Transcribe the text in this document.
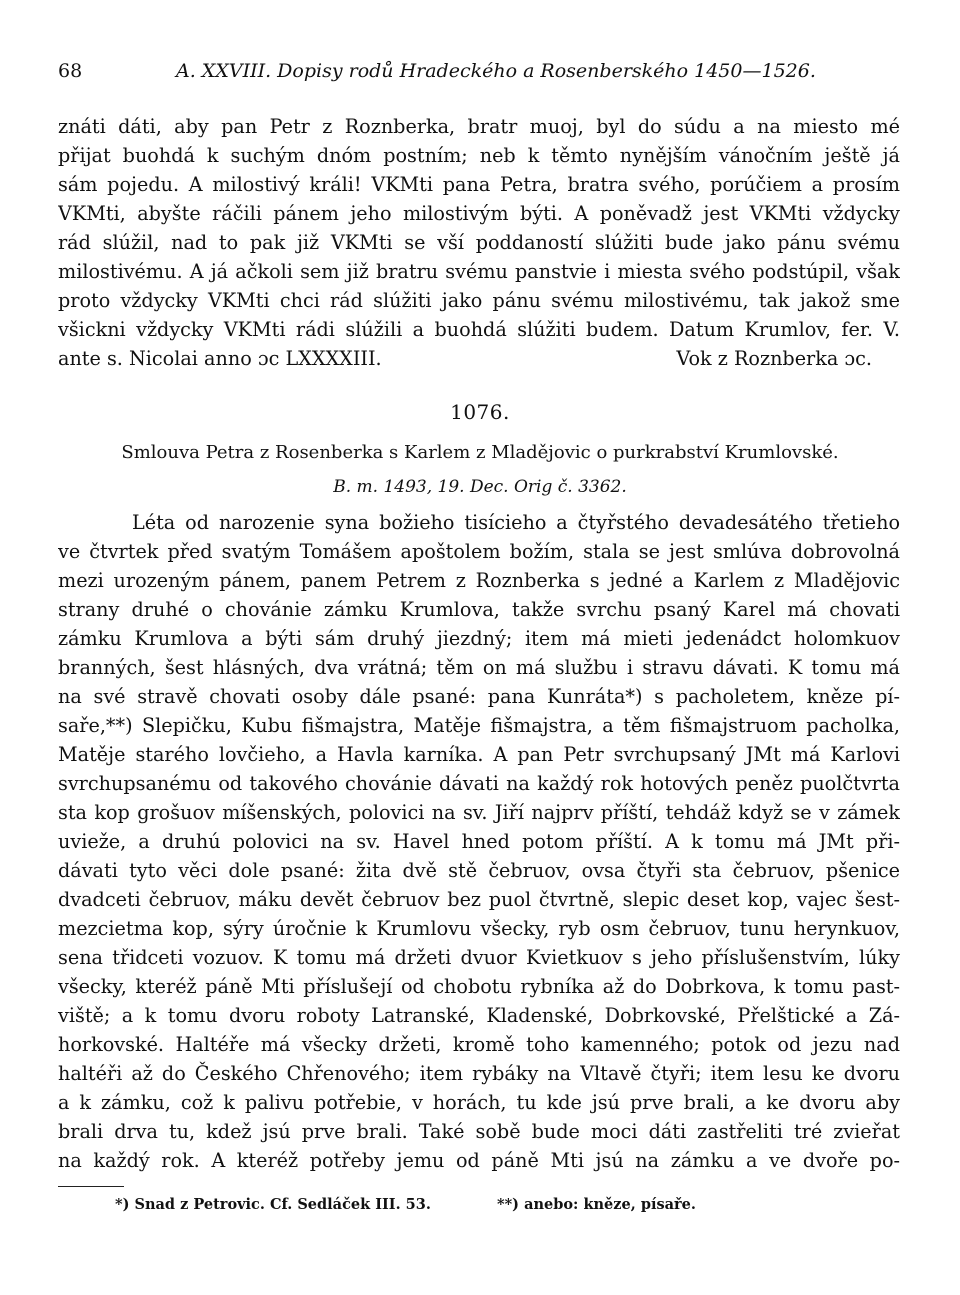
68	A. XXVIII. Dopisy rodů Hradeckého a Rosenberského 1450—1526.
znáti dáti, aby pan Petr z Roznberka, bratr muoj, byl do súdu a na miesto mé
přijat buohdá k suchým dnóm postním; neb k těmto nynějším vánočním ještě já
sám pojedu. A milostivý králi! VKMti pana Petra, bratra svého, porúčiem a prosím
VKMti, abyšte ráčili pánem jeho milostivým býti. A poněvadž jest VKMti vždycky
rád slúžil, nad to pak již VKMti se vší poddaností slúžiti bude jako pánu svému
milostivému. A já ačkoli sem již bratru svému panstvie i miesta svého podstúpil, však
proto vždycky VKMti chci rád slúžiti jako pánu svému milostivému, tak jakož sme
všickni vždycky VKMti rádi slúžili a buohdá slúžiti budem. Datum Krumlov, fer. V.
ante s. Nicolai anno ɔc LXXXXIII.	Vok z Roznberka ɔc.
1076.
Smlouva Petra z Rosenberka s Karlem z Mladějovic o purkrabství Krumlovské.
B. m. 1493, 19. Dec. Orig č. 3362.
Léta od narozenie syna božieho tisícieho a čtyřstého devadesátého třetieho
ve čtvrtek před svatým Tomášem apoštolem božím, stala se jest smlúva dobrovolná
mezi urozeným pánem, panem Petrem z Roznberka s jedné a Karlem z Mladějovic
strany druhé o chovánie zámku Krumlova, takže svrchu psaný Karel má chovati
zámku Krumlova a býti sám druhý jiezdný; item má mieti jedenádct holomkuov
branných, šest hlásných, dva vrátná; těm on má službu i stravu dávati. K tomu má
na své stravě chovati osoby dále psané: pana Kunráta*) s pacholetem, kněze pí-
saře,**) Slepičku, Kubu fišmajstra, Matěje fišmajstra, a těm fišmajstruom pacholka,
Matěje starého lovčieho, a Havla karníka. A pan Petr svrchupsaný JMt má Karlovi
svrchupsanému od takového chovánie dávati na každý rok hotových peněz puolčtvrta
sta kop grošuov míšenských, polovici na sv. Jiří najprv příští, tehdáž když se v zámek
uvieže, a druhú polovici na sv. Havel hned potom příští. A k tomu má JMt při-
dávati tyto věci dole psané: žita dvě stě čebruov, ovsa čtyři sta čebruov, pšenice
dvadceti čebruov, máku devět čebruov bez puol čtvrtně, slepic deset kop, vajec šest-
mezcietma kop, sýry úročnie k Krumlovu všecky, ryb osm čebruov, tunu herynkuov,
sena třidceti vozuov. K tomu má držeti dvuor Kvietkuov s jeho příslušenstvím, lúky
všecky, kteréž páně Mti příslušejí od chobotu rybníka až do Dobrkova, k tomu past-
viště; a k tomu dvoru roboty Latranské, Kladenské, Dobrkovské, Přelštické a Zá-
horkovské. Haltéře má všecky držeti, kromě toho kamenného; potok od jezu nad
haltéři až do Českého Chřenového; item rybáky na Vltavě čtyři; item lesu ke dvoru
a k zámku, což k palivu potřebie, v horách, tu kde jsú prve brali, a ke dvoru aby
brali drva tu, kdež jsú prve brali. Také sobě bude moci dáti zastřeliti tré zvieřat
na každý rok. A kteréž potřeby jemu od páně Mti jsú na zámku a ve dvoře po-
*) Snad z Petrovic. Cf. Sedláček III. 53.	**) anebo: kněze, písaře.
